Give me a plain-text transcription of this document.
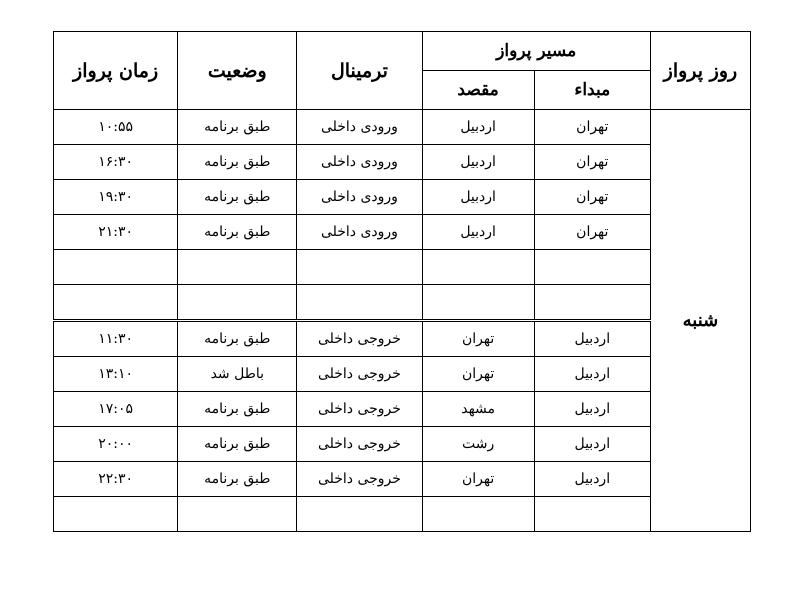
روز پرواز	مسیر پرواز		ترمینال	وضعیت	زمان پرواز
	مبداء	مقصد			
شنبه	تهران	اردبیل	ورودی داخلی	طبق برنامه	۱۰:۵۵
	تهران	اردبیل	ورودی داخلی	طبق برنامه	۱۶:۳۰
	تهران	اردبیل	ورودی داخلی	طبق برنامه	۱۹:۳۰
	تهران	اردبیل	ورودی داخلی	طبق برنامه	۲۱:۳۰

	اردبیل	تهران	خروجی داخلی	طبق برنامه	۱۱:۳۰
	اردبیل	تهران	خروجی داخلی	باطل شد	۱۳:۱۰
	اردبیل	مشهد	خروجی داخلی	طبق برنامه	۱۷:۰۵
	اردبیل	رشت	خروجی داخلی	طبق برنامه	۲۰:۰۰
	اردبیل	تهران	خروجی داخلی	طبق برنامه	۲۲:۳۰
